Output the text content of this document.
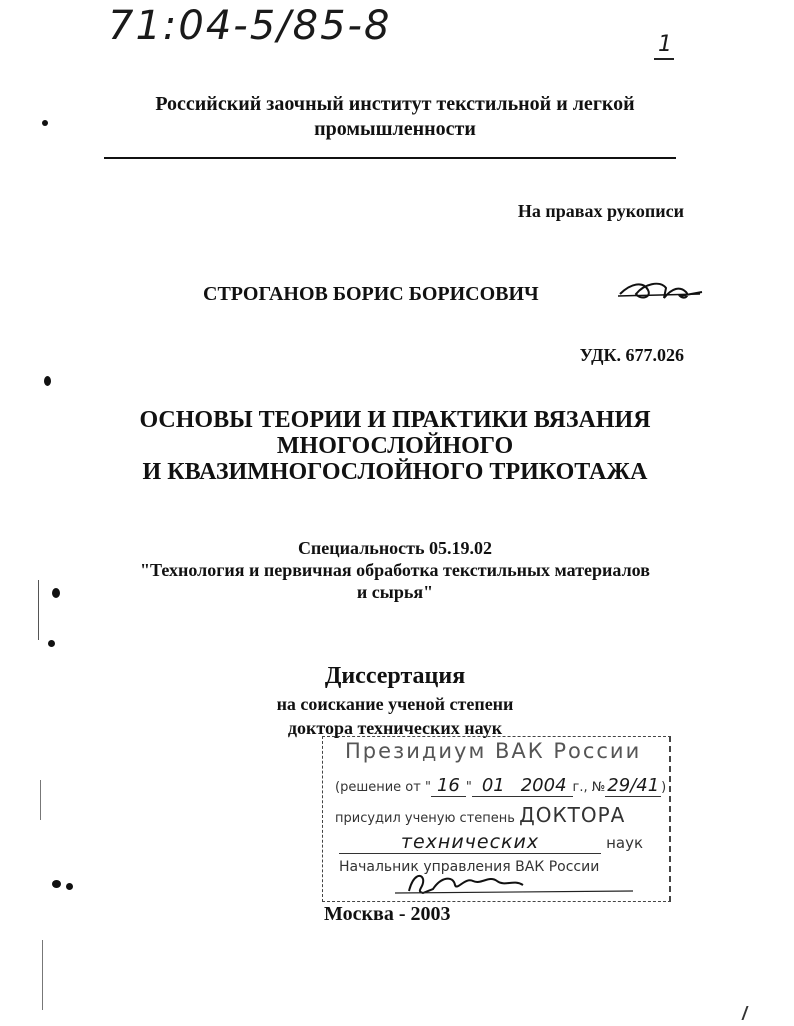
71:04-5/85-8	1
Российский заочный институт текстильной и легкой
промышленности
На правах рукописи
СТРОГАНОВ БОРИС БОРИСОВИЧ
УДК. 677.026
ОСНОВЫ ТЕОРИИ И ПРАКТИКИ ВЯЗАНИЯ
МНОГОСЛОЙНОГО
И КВАЗИМНОГОСЛОЙНОГО ТРИКОТАЖА
Специальность 05.19.02
"Технология и первичная обработка текстильных материалов
и сырья"
Диссертация
на соискание ученой степени
доктора технических наук
Президиум ВАК России
(решение от " 16 " 01 2004 г., № 29/41 )
присудил ученую степень ДОКТОРА
технических	наук
Начальник управления ВАК России
Москва - 2003
